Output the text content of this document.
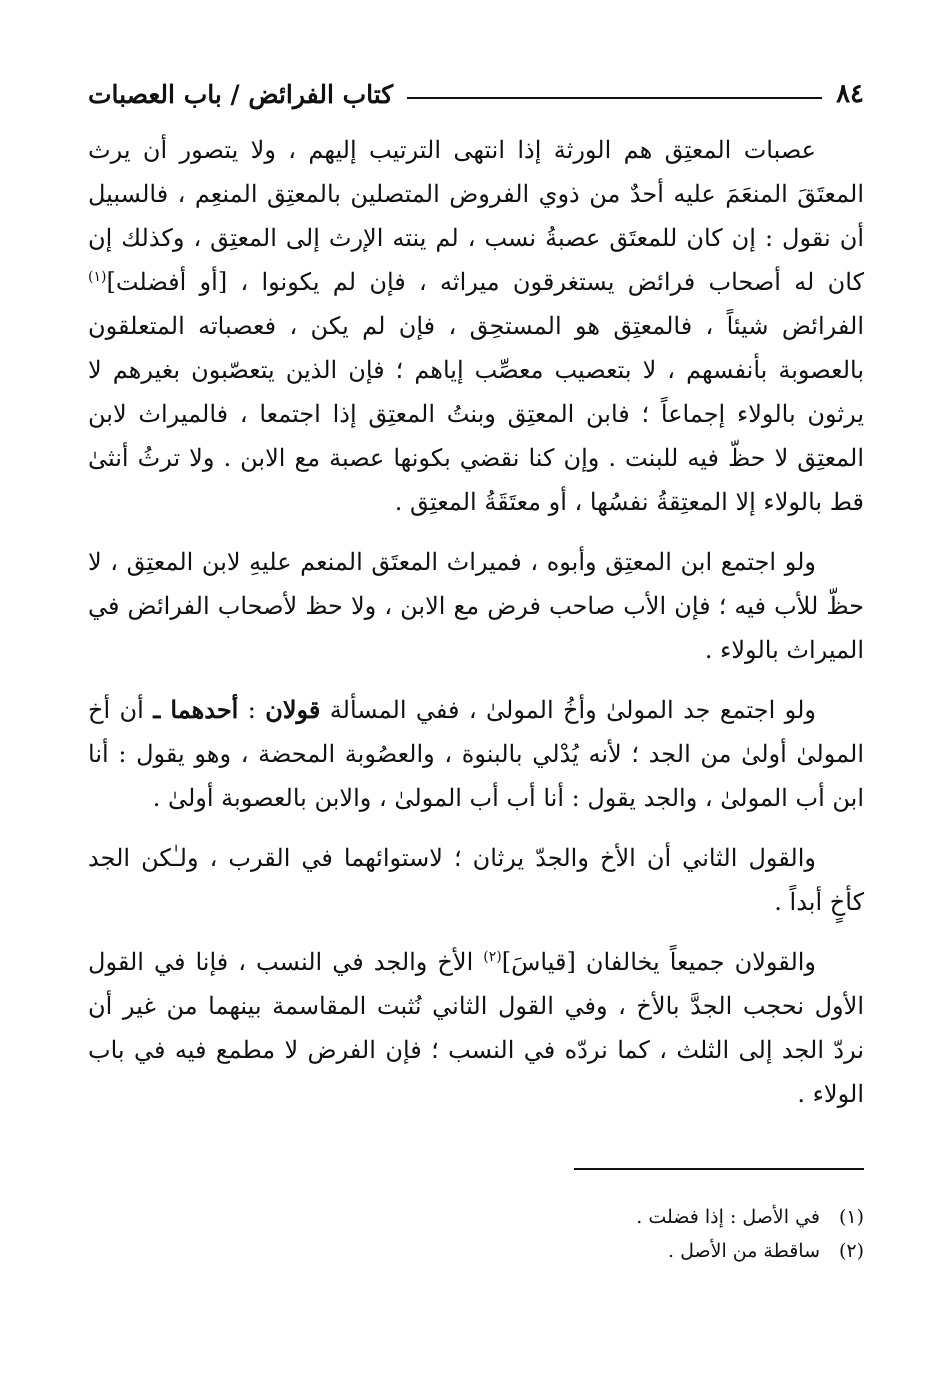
٨٤
كتاب الفرائض / باب العصبات

عصبات المعتِق هم الورثة إذا انتهى الترتيب إليهم ، ولا يتصور أن يرث المعتَقَ المنعَمَ عليه أحدٌ من ذوي الفروض المتصلين بالمعتِق المنعِم ، فالسبيل أن نقول : إن كان للمعتَق عصبةُ نسب ، لم ينته الإرث إلى المعتِق ، وكذلك إن كان له أصحاب فرائض يستغرقون ميراثه ، فإن لم يكونوا ، [أو أفضلت]$^{(١)}$ الفرائض شيئاً ، فالمعتِق هو المستحِق ، فإن لم يكن ، فعصباته المتعلقون بالعصوبة بأنفسهم ، لا بتعصيب معصِّب إياهم ؛ فإن الذين يتعصّبون بغيرهم لا يرثون بالولاء إجماعاً ؛ فابن المعتِق وبنتُ المعتِق إذا اجتمعا ، فالميراث لابن المعتِق لا حظّ فيه للبنت . وإن كنا نقضي بكونها عصبة مع الابن . ولا ترثُ أنثىٰ قط بالولاء إلا المعتِقةُ نفسُها ، أو معتَقَةُ المعتِق .

ولو اجتمع ابن المعتِق وأبوه ، فميراث المعتَق المنعم عليهِ لابن المعتِق ، لا حظّ للأب فيه ؛ فإن الأب صاحب فرض مع الابن ، ولا حظ لأصحاب الفرائض في الميراث بالولاء .

ولو اجتمع جد المولىٰ وأخُ المولىٰ ، ففي المسألة قولان : أحدهما ـ أن أخ المولىٰ أولىٰ من الجد ؛ لأنه يُدْلي بالبنوة ، والعصُوبة المحضة ، وهو يقول : أنا ابن أب المولىٰ ، والجد يقول : أنا أب أب المولىٰ ، والابن بالعصوبة أولىٰ .

والقول الثاني أن الأخ والجدّ يرثان ؛ لاستوائهما في القرب ، ولـٰكن الجد كأخٍ أبداً .

والقولان جميعاً يخالفان [قياسَ]$^{(٢)}$ الأخ والجد في النسب ، فإنا في القول الأول نحجب الجدَّ بالأخ ، وفي القول الثاني نُثبت المقاسمة بينهما من غير أن نردّ الجد إلى الثلث ، كما نردّه في النسب ؛ فإن الفرض لا مطمع فيه في باب الولاء .

(١)
في الأصل : إذا فضلت .
(٢)
ساقطة من الأصل .
